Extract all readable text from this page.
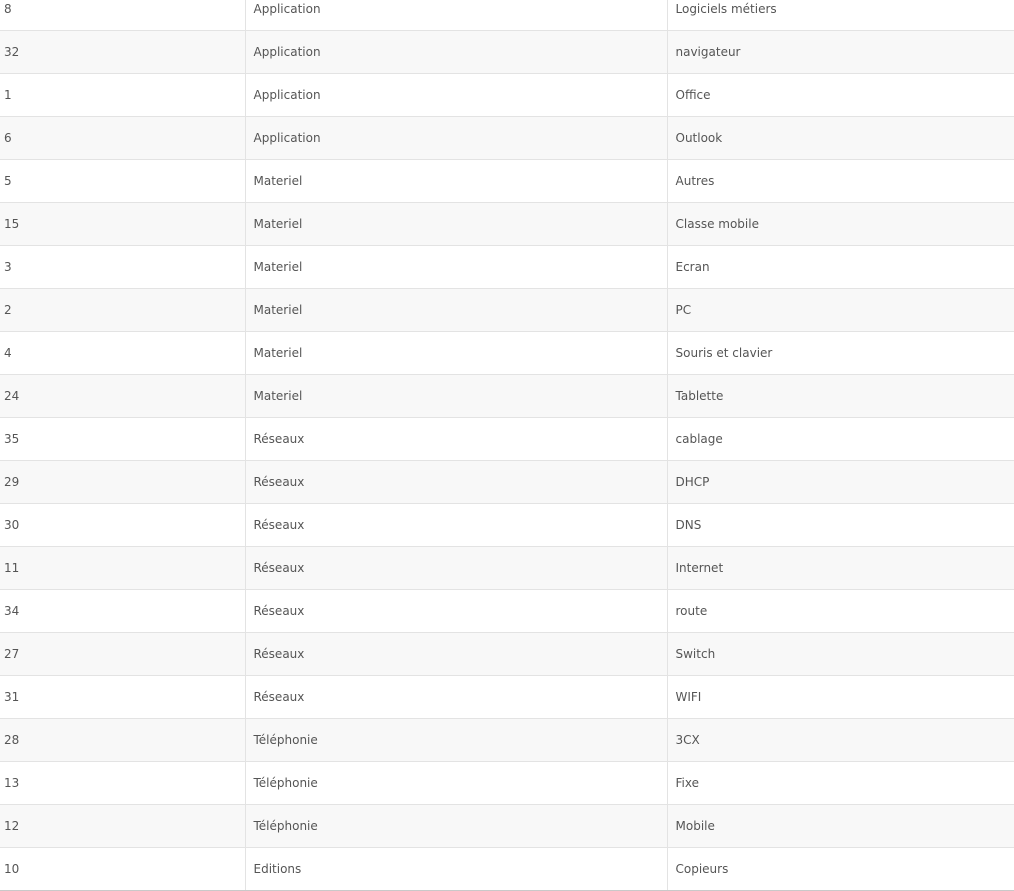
8	Application	Logiciels métiers
32	Application	navigateur
1	Application	Office
6	Application	Outlook
5	Materiel	Autres
15	Materiel	Classe mobile
3	Materiel	Ecran
2	Materiel	PC
4	Materiel	Souris et clavier
24	Materiel	Tablette
35	Réseaux	cablage
29	Réseaux	DHCP
30	Réseaux	DNS
11	Réseaux	Internet
34	Réseaux	route
27	Réseaux	Switch
31	Réseaux	WIFI
28	Téléphonie	3CX
13	Téléphonie	Fixe
12	Téléphonie	Mobile
10	Editions	Copieurs
